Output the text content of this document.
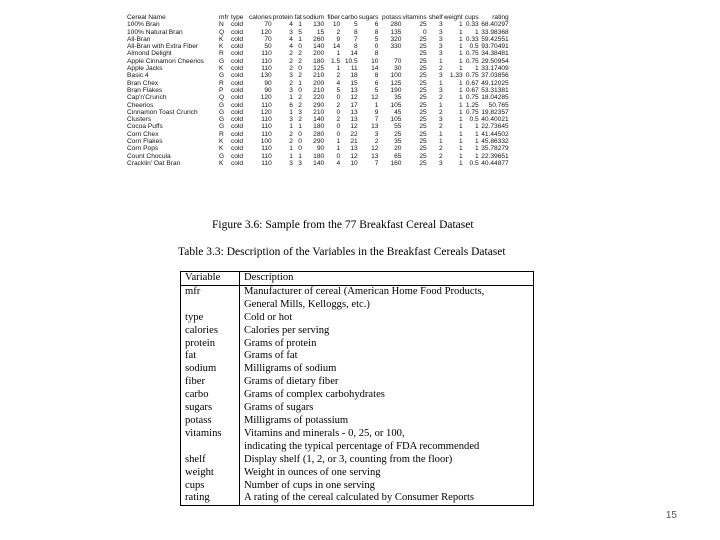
Cereal Name	mfr	type	calories	protein	fat	sodium	fiber	carbo	sugars	potass	vitamins	shelf	weight	cups	rating
100% Bran	N	cold	70	4	1	130	10	5	6	280	25	3	1	0.33	68.40297
100% Natural Bran	Q	cold	120	3	5	15	2	8	8	135	0	3	1	1	33.98368
All-Bran	K	cold	70	4	1	260	9	7	5	320	25	3	1	0.33	59.42551
All-Bran with Extra Fiber	K	cold	50	4	0	140	14	8	0	330	25	3	1	0.5	93.70491
Almond Delight	R	cold	110	2	2	200	1	14	8		25	3	1	0.75	34.38481
Apple Cinnamon Cheerios	G	cold	110	2	2	180	1.5	10.5	10	70	25	1	1	0.75	29.50954
Apple Jacks	K	cold	110	2	0	125	1	11	14	30	25	2	1	1	33.17409
Basic 4	G	cold	130	3	2	210	2	18	8	100	25	3	1.33	0.75	37.03856
Bran Chex	R	cold	90	2	1	200	4	15	6	125	25	1	1	0.67	49.12025
Bran Flakes	P	cold	90	3	0	210	5	13	5	190	25	3	1	0.67	53.31381
Cap'n'Crunch	Q	cold	120	1	2	220	0	12	12	35	25	2	1	0.75	18.04285
Cheerios	G	cold	110	6	2	290	2	17	1	105	25	1	1	1.25	50.765
Cinnamon Toast Crunch	G	cold	120	1	3	210	0	13	9	45	25	2	1	0.75	19.82357
Clusters	G	cold	110	3	2	140	2	13	7	105	25	3	1	0.5	40.40021
Cocoa Puffs	G	cold	110	1	1	180	0	12	13	55	25	2	1	1	22.73645
Corn Chex	R	cold	110	2	0	280	0	22	3	25	25	1	1	1	41.44502
Corn Flakes	K	cold	100	2	0	290	1	21	2	35	25	1	1	1	45.86332
Corn Pops	K	cold	110	1	0	90	1	13	12	20	25	2	1	1	35.78279
Count Chocula	G	cold	110	1	1	180	0	12	13	65	25	2	1	1	22.39651
Cracklin' Oat Bran	K	cold	110	3	3	140	4	10	7	160	25	3	1	0.5	40.44877
Figure 3.6: Sample from the 77 Breakfast Cereal Dataset
Table 3.3: Description of the Variables in the Breakfast Cereals Dataset
Variable	Description
mfr	Manufacturer of cereal (American Home Food Products,
	General Mills, Kelloggs, etc.)
type	Cold or hot
calories	Calories per serving
protein	Grams of protein
fat	Grams of fat
sodium	Milligrams of sodium
fiber	Grams of dietary fiber
carbo	Grams of complex carbohydrates
sugars	Grams of sugars
potass	Milligrams of potassium
vitamins	Vitamins and minerals - 0, 25, or 100,
	indicating the typical percentage of FDA recommended
shelf	Display shelf (1, 2, or 3, counting from the floor)
weight	Weight in ounces of one serving
cups	Number of cups in one serving
rating	A rating of the cereal calculated by Consumer Reports
15
